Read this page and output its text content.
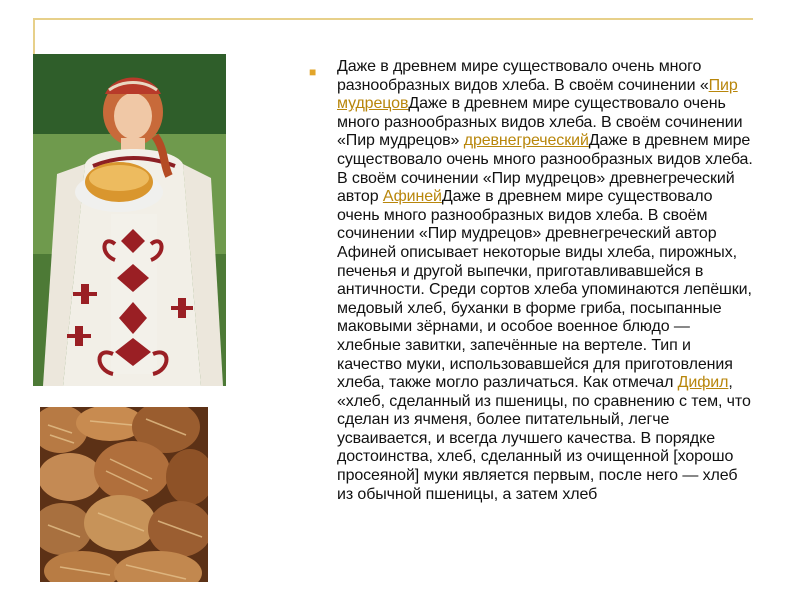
■ Даже в древнем мире существовало очень много разнообразных видов хлеба. В своём сочинении «Пир мудрецовДаже в древнем мире существовало очень много разнообразных видов хлеба. В своём сочинении «Пир мудрецов» древнегреческийДаже в древнем мире существовало очень много разнообразных видов хлеба. В своём сочинении «Пир мудрецов» древнегреческий автор АфинейДаже в древнем мире существовало очень много разнообразных видов хлеба. В своём сочинении «Пир мудрецов» древнегреческий автор Афиней описывает некоторые виды хлеба, пирожных, печенья и другой выпечки, приготавливавшейся в античности. Среди сортов хлеба упоминаются лепёшки, медовый хлеб, буханки в форме гриба, посыпанные маковыми зёрнами, и особое военное блюдо — хлебные завитки, запечённые на вертеле. Тип и качество муки, использовавшейся для приготовления хлеба, также могло различаться. Как отмечал Дифил, «хлеб, сделанный из пшеницы, по сравнению с тем, что сделан из ячменя, более питательный, легче усваивается, и всегда лучшего качества. В порядке достоинства, хлеб, сделанный из очищенной [хорошо просеяной] муки является первым, после него — хлеб из обычной пшеницы, а затем хлеб
